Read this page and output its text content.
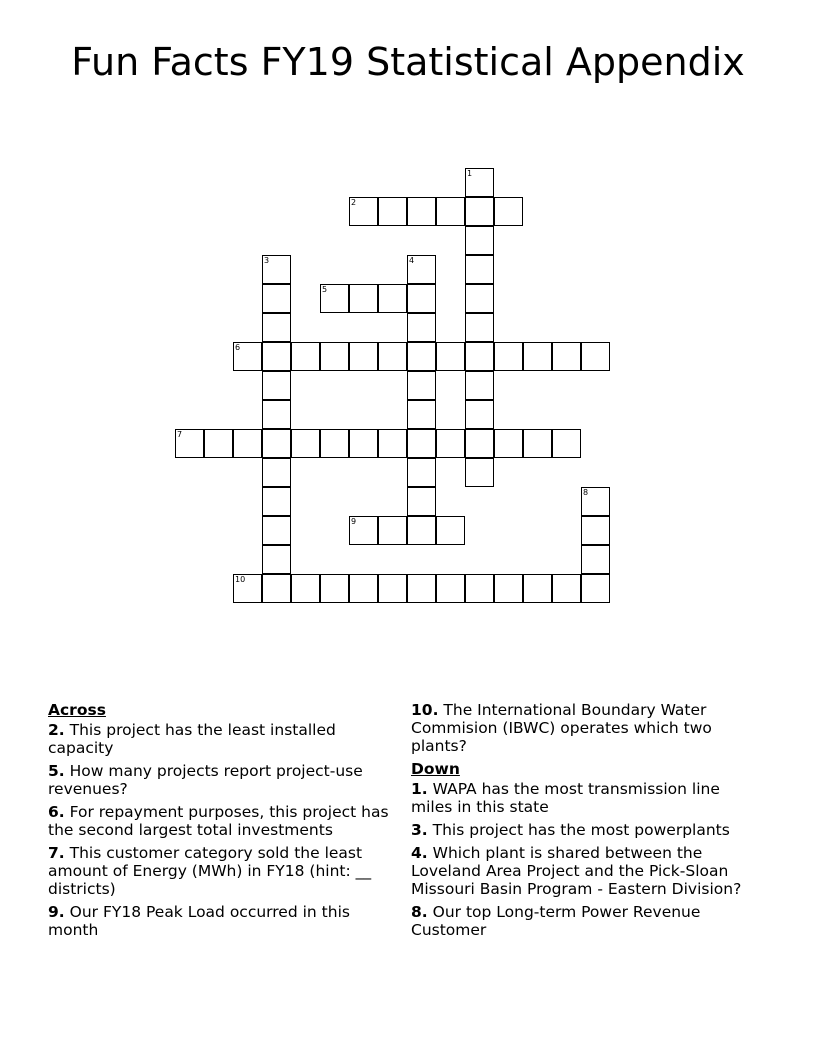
Fun Facts FY19 Statistical Appendix
1
2
3	4
5
6
7
8
9
10
Across
2. This project has the least installed capacity
5. How many projects report project-use revenues?
6. For repayment purposes, this project has the second largest total investments
7. This customer category sold the least amount of Energy (MWh) in FY18 (hint: __ districts)
9. Our FY18 Peak Load occurred in this month
10. The International Boundary Water Commision (IBWC) operates which two plants?
Down
1. WAPA has the most transmission line miles in this state
3. This project has the most powerplants
4. Which plant is shared between the Loveland Area Project and the Pick-Sloan Missouri Basin Program - Eastern Division?
8. Our top Long-term Power Revenue Customer
